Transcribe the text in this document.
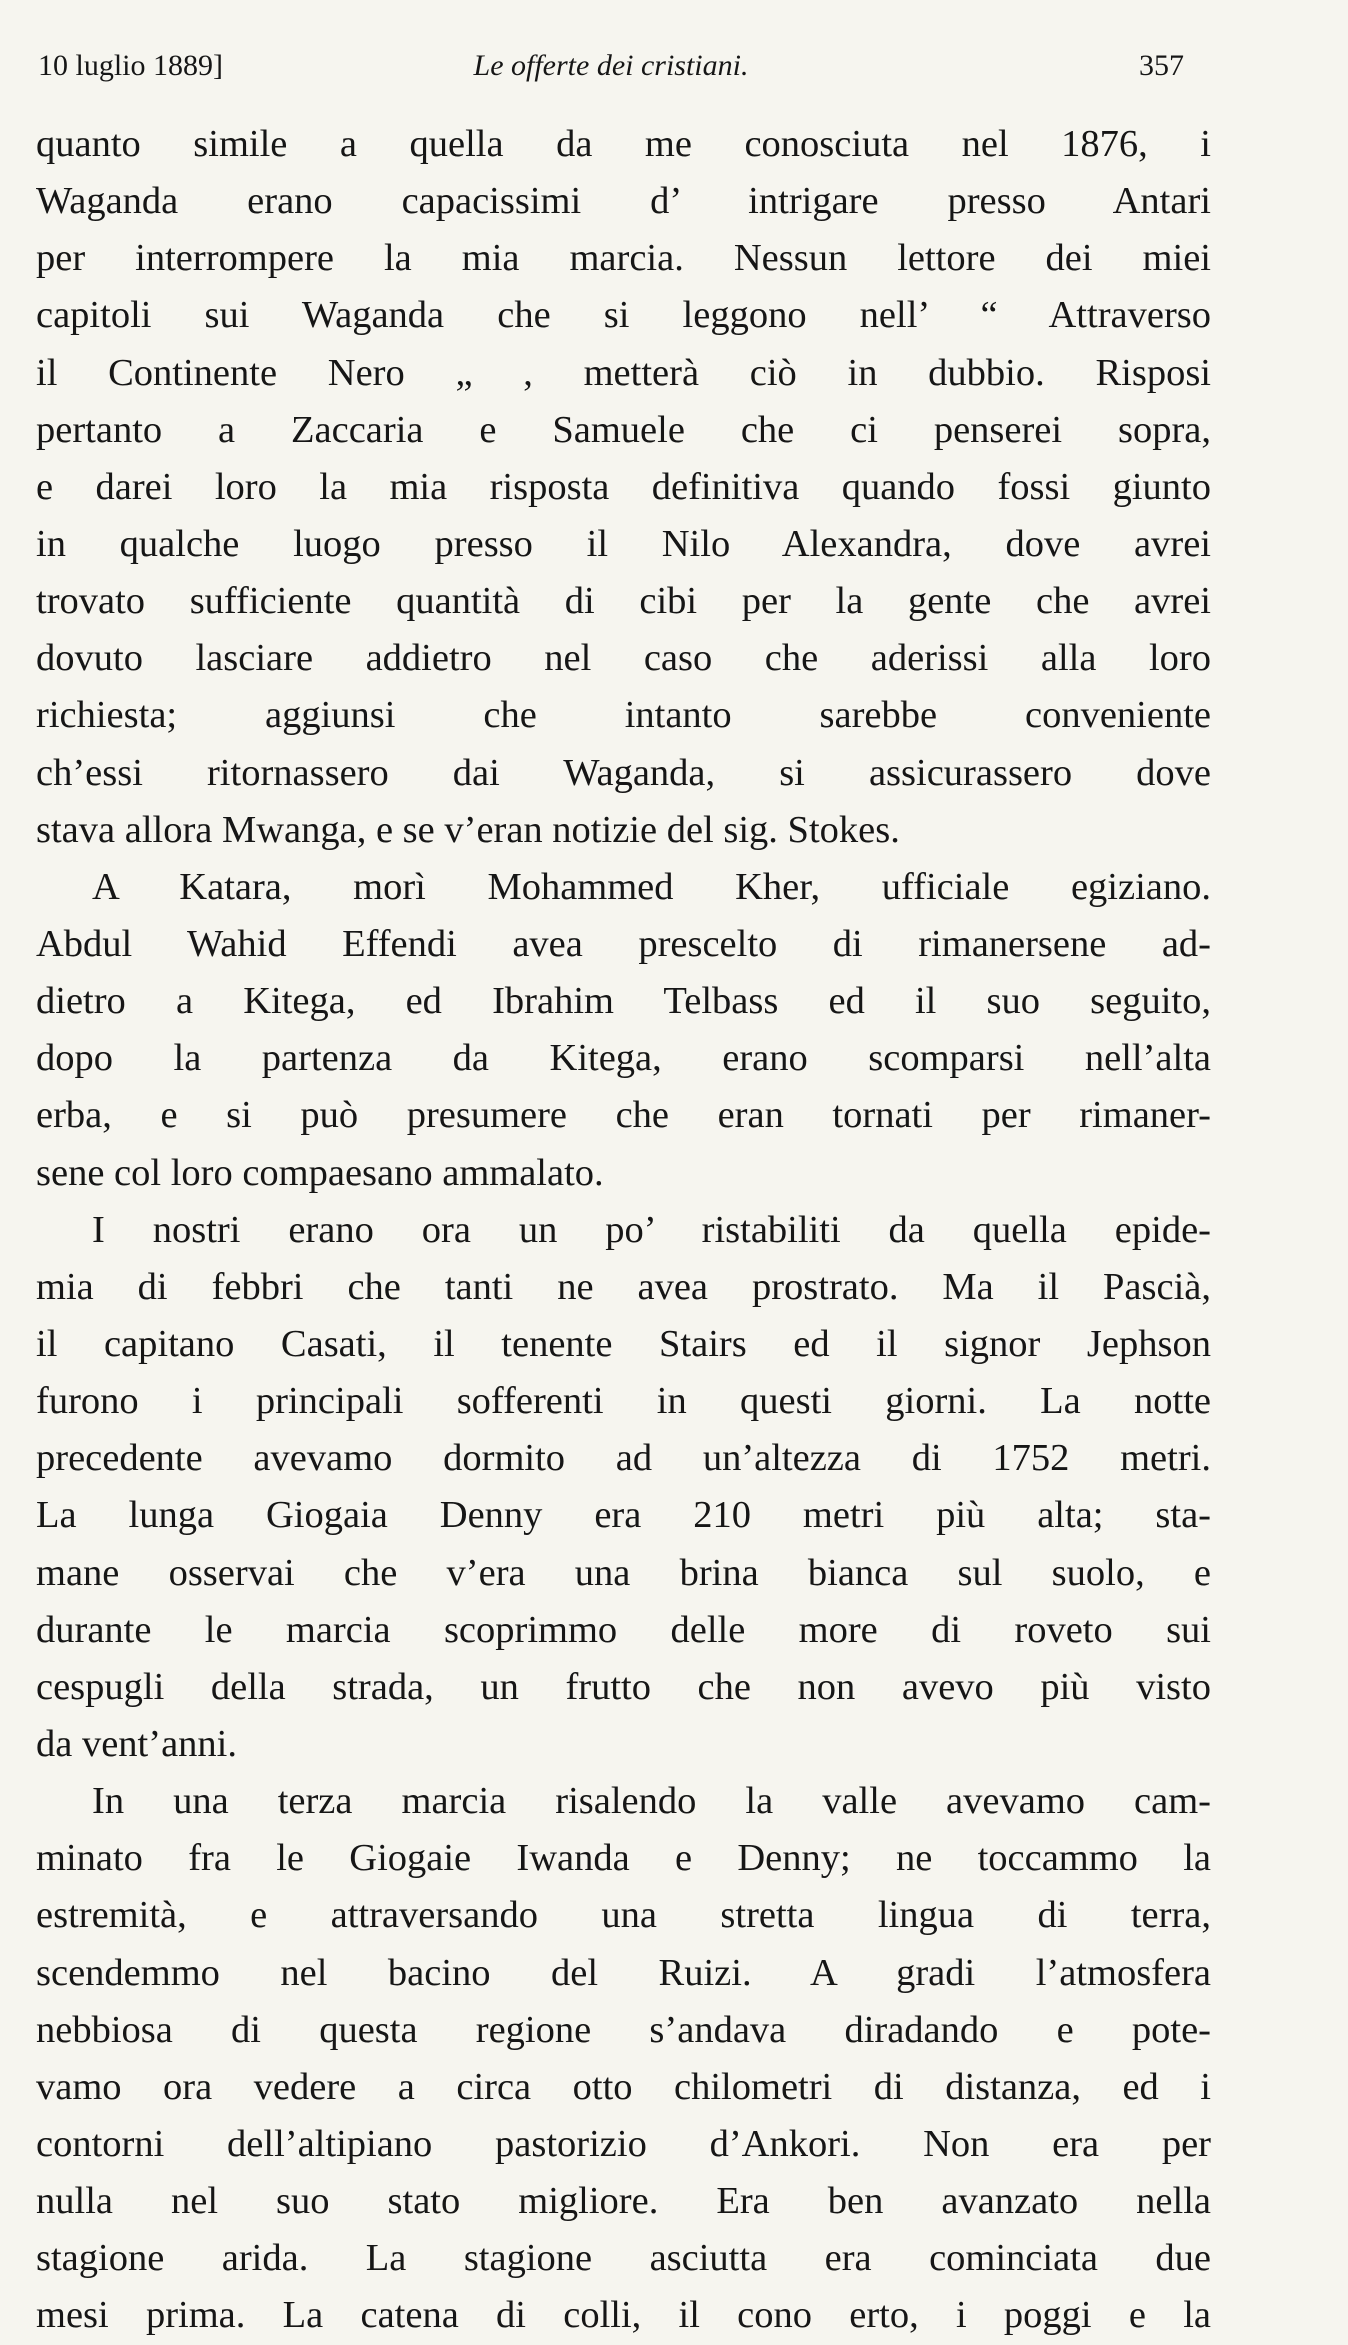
10 luglio 1889]	Le offerte dei cristiani.	357
quanto simile a quella da me conosciuta nel 1876, i
Waganda erano capacissimi d’ intrigare presso Antari
per interrompere la mia marcia. Nessun lettore dei miei
capitoli sui Waganda che si leggono nell’ “ Attraverso
il Continente Nero „ , metterà ciò in dubbio. Risposi
pertanto a Zaccaria e Samuele che ci penserei sopra,
e darei loro la mia risposta definitiva quando fossi giunto
in qualche luogo presso il Nilo Alexandra, dove avrei
trovato sufficiente quantità di cibi per la gente che avrei
dovuto lasciare addietro nel caso che aderissi alla loro
richiesta; aggiunsi che intanto sarebbe conveniente
ch’essi ritornassero dai Waganda, si assicurassero dove
stava allora Mwanga, e se v’eran notizie del sig. Stokes.
A Katara, morì Mohammed Kher, ufficiale egiziano.
Abdul Wahid Effendi avea prescelto di rimanersene ad-
dietro a Kitega, ed Ibrahim Telbass ed il suo seguito,
dopo la partenza da Kitega, erano scomparsi nell’alta
erba, e si può presumere che eran tornati per rimaner-
sene col loro compaesano ammalato.
I nostri erano ora un po’ ristabiliti da quella epide-
mia di febbri che tanti ne avea prostrato. Ma il Pascià,
il capitano Casati, il tenente Stairs ed il signor Jephson
furono i principali sofferenti in questi giorni. La notte
precedente avevamo dormito ad un’altezza di 1752 metri.
La lunga Giogaia Denny era 210 metri più alta; sta-
mane osservai che v’era una brina bianca sul suolo, e
durante le marcia scoprimmo delle more di roveto sui
cespugli della strada, un frutto che non avevo più visto
da vent’anni.
In una terza marcia risalendo la valle avevamo cam-
minato fra le Giogaie Iwanda e Denny; ne toccammo la
estremità, e attraversando una stretta lingua di terra,
scendemmo nel bacino del Ruizi. A gradi l’atmosfera
nebbiosa di questa regione s’andava diradando e pote-
vamo ora vedere a circa otto chilometri di distanza, ed i
contorni dell’altipiano pastorizio d’Ankori. Non era per
nulla nel suo stato migliore. Era ben avanzato nella
stagione arida. La stagione asciutta era cominciata due
mesi prima. La catena di colli, il cono erto, i poggi e la
